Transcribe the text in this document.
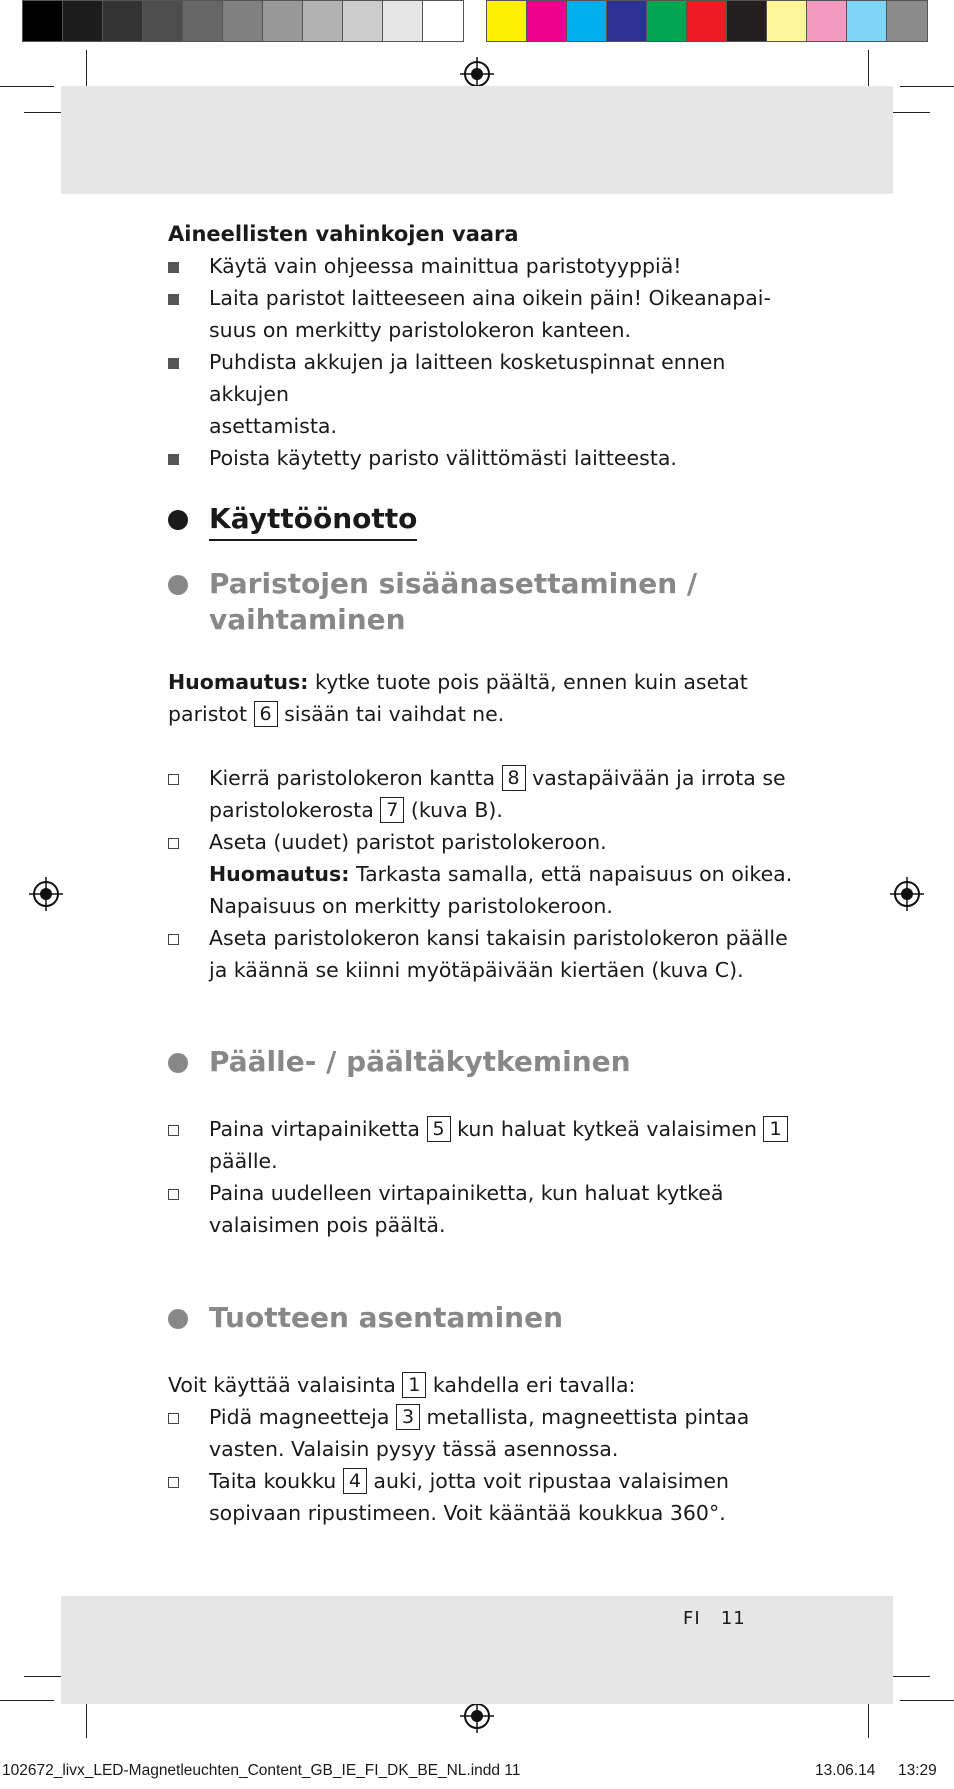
Aineellisten vahinkojen vaara
Käytä vain ohjeessa mainittua paristotyyppiä!
Laita paristot laitteeseen aina oikein päin! Oikeanapai-
suus on merkitty paristolokeron kanteen.
Puhdista akkujen ja laitteen kosketuspinnat ennen akkujen
asettamista.
Poista käytetty paristo välittömästi laitteesta.
Käyttöönotto
Paristojen sisäänasettaminen /
vaihtaminen
Huomautus: kytke tuote pois päältä, ennen kuin asetat
paristot 6 sisään tai vaihdat ne.
Kierrä paristolokeron kantta 8 vastapäivään ja irrota se
paristolokerosta 7 (kuva B).
Aseta (uudet) paristot paristolokeroon.
Huomautus: Tarkasta samalla, että napaisuus on oikea.
Napaisuus on merkitty paristolokeroon.
Aseta paristolokeron kansi takaisin paristolokeron päälle
ja käännä se kiinni myötäpäivään kiertäen (kuva C).
Päälle- / päältäkytkeminen
Paina virtapainiketta 5 kun haluat kytkeä valaisimen 1
päälle.
Paina uudelleen virtapainiketta, kun haluat kytkeä
valaisimen pois päältä.
Tuotteen asentaminen
Voit käyttää valaisinta 1 kahdella eri tavalla:
Pidä magneetteja 3 metallista, magneettista pintaa
vasten. Valaisin pysyy tässä asennossa.
Taita koukku 4 auki, jotta voit ripustaa valaisimen
sopivaan ripustimeen. Voit kääntää koukkua 360°.
FI 11
102672_livx_LED-Magnetleuchten_Content_GB_IE_FI_DK_BE_NL.indd 11	13.06.14 13:29
